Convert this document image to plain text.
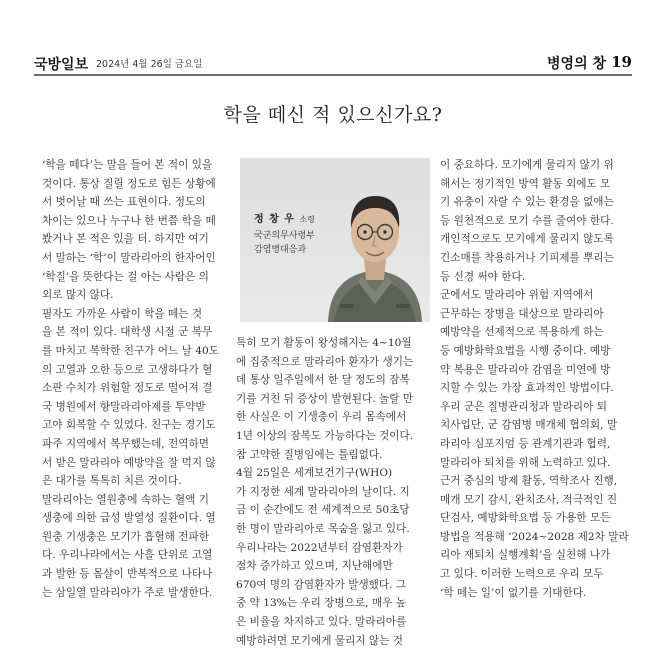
국방일보 2024년 4월 26일 금요일	병영의 창 19
학을 떼신 적 있으신가요?
정 창 우 소령
국군의무사령부
감염병대응과
‘학을 떼다’는 말을 들어 본 적이 있을
것이다. 통상 질릴 정도로 힘든 상황에
서 벗어날 때 쓰는 표현이다. 정도의
차이는 있으나 누구나 한 번쯤 학을 떼
봤거나 본 적은 있을 터. 하지만 여기
서 말하는 ‘학’이 말라리아의 한자어인
‘학질’을 뜻한다는 걸 아는 사람은 의
외로 많지 않다.
필자도 가까운 사람이 학을 떼는 것
을 본 적이 있다. 대학생 시절 군 복무
를 마치고 복학한 친구가 어느 날 40도
의 고열과 오한 등으로 고생하다가 혈
소판 수치가 위험할 정도로 떨어져 결
국 병원에서 항말라리아제를 투약받
고야 회복할 수 있었다. 친구는 경기도
파주 지역에서 복무했는데, 전역하면
서 받은 말라리아 예방약을 잘 먹지 않
은 대가를 톡톡히 치른 것이다.
말라리아는 열원충에 속하는 혈액 기
생충에 의한 급성 발열성 질환이다. 열
원충 기생충은 모기가 흡혈해 전파한
다. 우리나라에서는 사흘 단위로 고열
과 발한 등 몸살이 반복적으로 나타나
는 삼일열 말라리아가 주로 발생한다.
특히 모기 활동이 왕성해지는 4~10월
에 집중적으로 말라리아 환자가 생기는
데 통상 일주일에서 한 달 정도의 잠복
기를 거친 뒤 증상이 발현된다. 놀랄 만
한 사실은 이 기생충이 우리 몸속에서
1년 이상의 잠복도 가능하다는 것이다.
참 고약한 질병임에는 틀림없다.
4월 25일은 세계보건기구(WHO)
가 지정한 세계 말라리아의 날이다. 지
금 이 순간에도 전 세계적으로 50초당
한 명이 말라리아로 목숨을 잃고 있다.
우리나라는 2022년부터 감염환자가
점차 증가하고 있으며, 지난해에만
670여 명의 감염환자가 발생했다. 그
중 약 13%는 우리 장병으로, 매우 높
은 비율을 차지하고 있다. 말라리아를
예방하려면 모기에게 물리지 않는 것
이 중요하다. 모기에게 물리지 않기 위
해서는 정기적인 방역 활동 외에도 모
기 유충이 자랄 수 있는 환경을 없애는
등 원천적으로 모기 수를 줄여야 한다.
개인적으로도 모기에게 물리지 않도록
긴소매를 착용하거나 기피제를 뿌리는
등 신경 써야 한다.
군에서도 말라리아 위험 지역에서
근무하는 장병을 대상으로 말라리아
예방약을 선제적으로 복용하게 하는
등 예방화학요법을 시행 중이다. 예방
약 복용은 말라리아 감염을 미연에 방
지할 수 있는 가장 효과적인 방법이다.
우리 군은 질병관리청과 말라리아 퇴
치사업단, 군 감염병 매개체 협의회, 말
라리아 심포지엄 등 관계기관과 협력,
말라리아 퇴치를 위해 노력하고 있다.
근거 중심의 방제 활동, 역학조사 진행,
매개 모기 감시, 완치조사, 적극적인 진
단검사, 예방화학요법 등 가용한 모든
방법을 적용해 ‘2024~2028 제2차 말라
리아 재퇴치 실행계획’을 실천해 나가
고 있다. 이러한 노력으로 우리 모두
‘학 떼는 일’이 없기를 기대한다.
